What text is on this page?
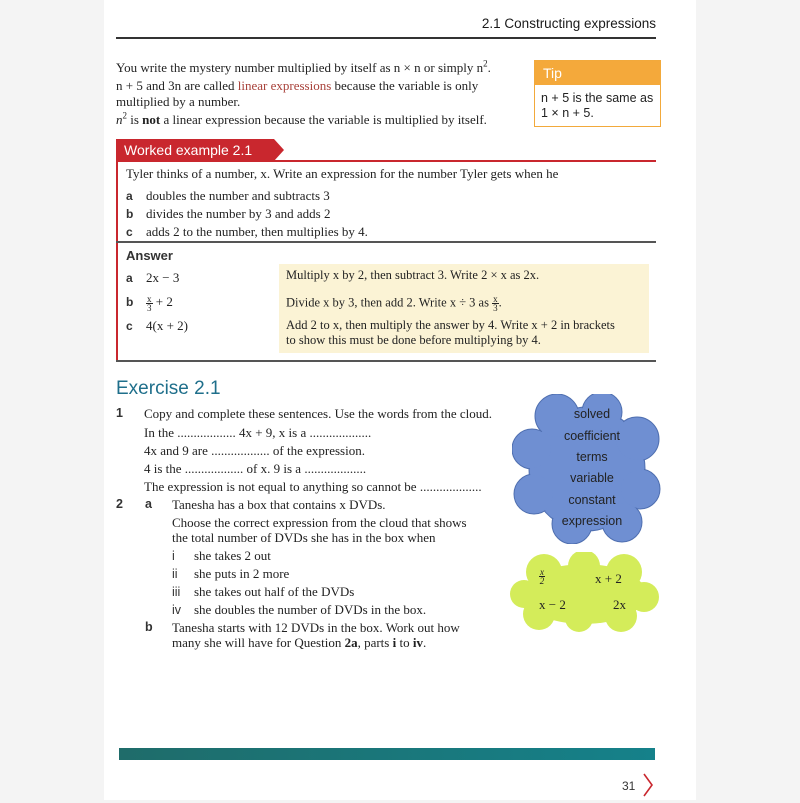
2.1 Constructing expressions

You write the mystery number multiplied by itself as n × n or simply $n^2$.

n + 5 and 3n are called linear expressions because the variable is only multiplied by a number.

$n^2$ is not a linear expression because the variable is multiplied by itself.

Tip
n + 5 is the same as 1 × n + 5.
Worked example 2.1
Tyler thinks of a number, x. Write an expression for the number Tyler gets when he
a doubles the number and subtracts 3
b divides the number by 3 and adds 2
c adds 2 to the number, then multiplies by 4.
Answer
a 2x − 3
b $\frac{x}{3} + 2$
c 4(x + 2)
Multiply x by 2, then subtract 3. Write 2 × x as 2x.
Divide x by 3, then add 2. Write x ÷ 3 as $\frac{x}{3}$ .
Add 2 to x, then multiply the answer by 4. Write x + 2 in brackets
to show this must be done before multiplying by 4.
Exercise 2.1
1 Copy and complete these sentences. Use the words from the cloud.
In the .................. 4x + 9, x is a ...................
4x and 9 are .................. of the expression.
4 is the .................. of x. 9 is a ...................
The expression is not equal to anything so cannot be ...................
2 a Tanesha has a box that contains x DVDs.
Choose the correct expression from the cloud that shows
the total number of DVDs she has in the box when
i she takes 2 out
ii she puts in 2 more
iii she takes out half of the DVDs
iv she doubles the number of DVDs in the box.
b Tanesha starts with 12 DVDs in the box. Work out how
many she will have for Question 2a, parts i to iv.
solved
coefficient
terms
variable
constant
expression
$\frac{x}{2}$	x + 2
x − 2	2x
31
